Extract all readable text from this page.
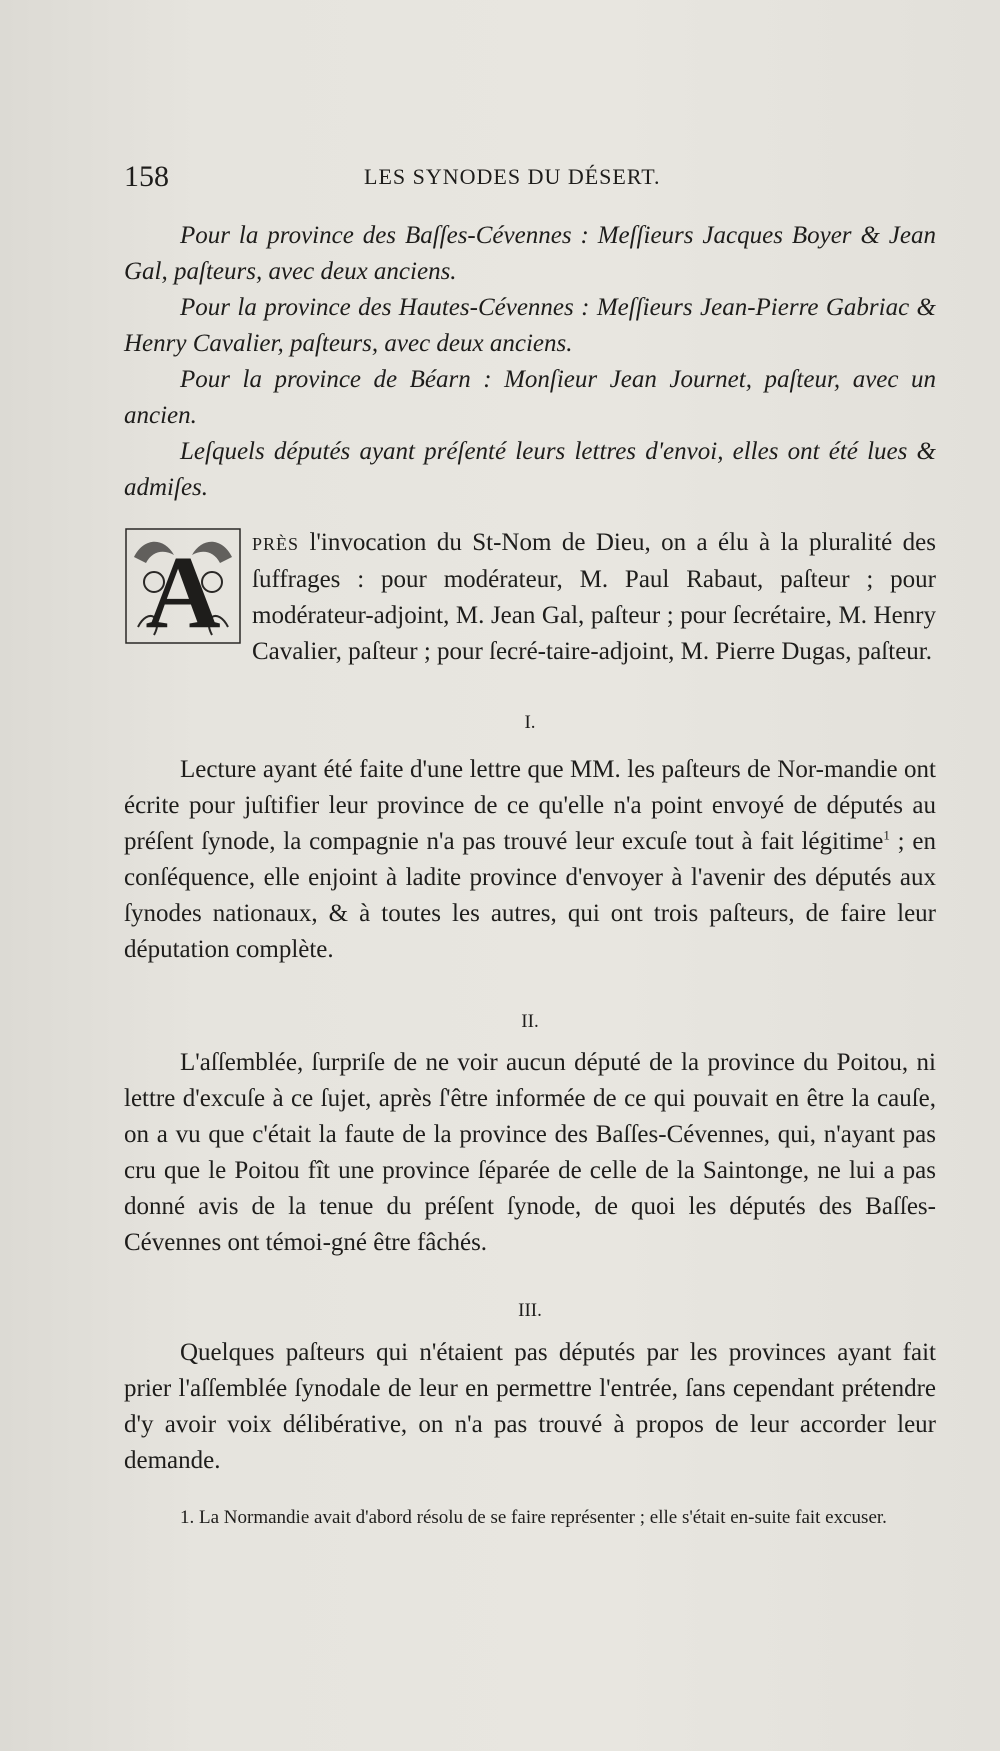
158	LES SYNODES DU DÉSERT.

Pour la province des Baſſes-Cévennes : Meſſieurs Jacques Boyer & Jean Gal, paſteurs, avec deux anciens.

Pour la province des Hautes-Cévennes : Meſſieurs Jean-Pierre Gabriac & Henry Cavalier, paſteurs, avec deux anciens.

Pour la province de Béarn : Monſieur Jean Journet, paſteur, avec un ancien.

Leſquels députés ayant préſenté leurs lettres d'envoi, elles ont été lues & admiſes.

A PRÈS l'invocation du St-Nom de Dieu, on a élu à la pluralité des ſuffrages : pour modérateur, M. Paul Rabaut, paſteur ; pour modérateur-adjoint, M. Jean Gal, paſteur ; pour ſecrétaire, M. Henry Cavalier, paſteur ; pour ſecré-taire-adjoint, M. Pierre Dugas, paſteur.
I.
Lecture ayant été faite d'une lettre que MM. les paſteurs de Nor-mandie ont écrite pour juſtifier leur province de ce qu'elle n'a point envoyé de députés au préſent ſynode, la compagnie n'a pas trouvé leur excuſe tout à fait légitime$^1$ ; en conſéquence, elle enjoint à ladite province d'envoyer à l'avenir des députés aux ſynodes nationaux, & à toutes les autres, qui ont trois paſteurs, de faire leur députation complète.
II.
L'aſſemblée, ſurpriſe de ne voir aucun député de la province du Poitou, ni lettre d'excuſe à ce ſujet, après ſ'être informée de ce qui pouvait en être la cauſe, on a vu que c'était la faute de la province des Baſſes-Cévennes, qui, n'ayant pas cru que le Poitou fît une province ſéparée de celle de la Saintonge, ne lui a pas donné avis de la tenue du préſent ſynode, de quoi les députés des Baſſes-Cévennes ont témoi-gné être fâchés.
III.
Quelques paſteurs qui n'étaient pas députés par les provinces ayant fait prier l'aſſemblée ſynodale de leur en permettre l'entrée, ſans cependant prétendre d'y avoir voix délibérative, on n'a pas trouvé à propos de leur accorder leur demande.
1. La Normandie avait d'abord résolu de se faire représenter ; elle s'était en-suite fait excuser.
